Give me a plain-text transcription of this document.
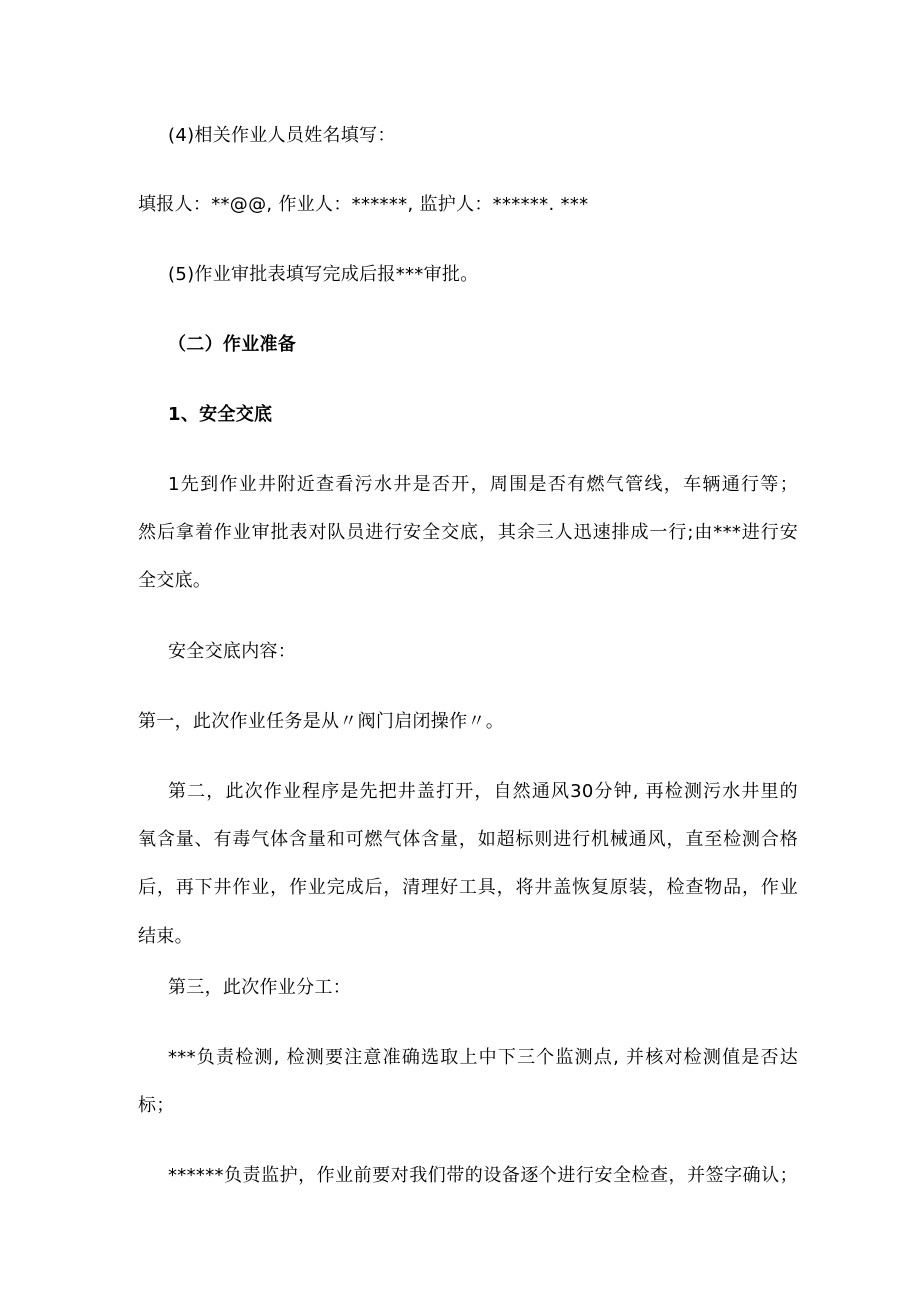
(4)相关作业人员姓名填写：
填报人：**@@, 作业人：******, 监护人：******. ***
(5)作业审批表填写完成后报***审批。
（二）作业准备
1、安全交底
1先到作业井附近查看污水井是否开，周围是否有燃气管线，车辆通行等；
然后拿着作业审批表对队员进行安全交底，其余三人迅速排成一行;由***进行安
全交底。
安全交底内容：
第一，此次作业任务是从〃阀门启闭操作〃。
第二，此次作业程序是先把井盖打开，自然通风30分钟, 再检测污水井里的
氧含量、有毒气体含量和可燃气体含量，如超标则进行机械通风，直至检测合格
后，再下井作业，作业完成后，清理好工具，将井盖恢复原装，检查物品，作业
结束。
第三，此次作业分工：
***负责检测, 检测要注意准确选取上中下三个监测点, 并核对检测值是否达
标；
******负责监护，作业前要对我们带的设备逐个进行安全检查，并签字确认；
